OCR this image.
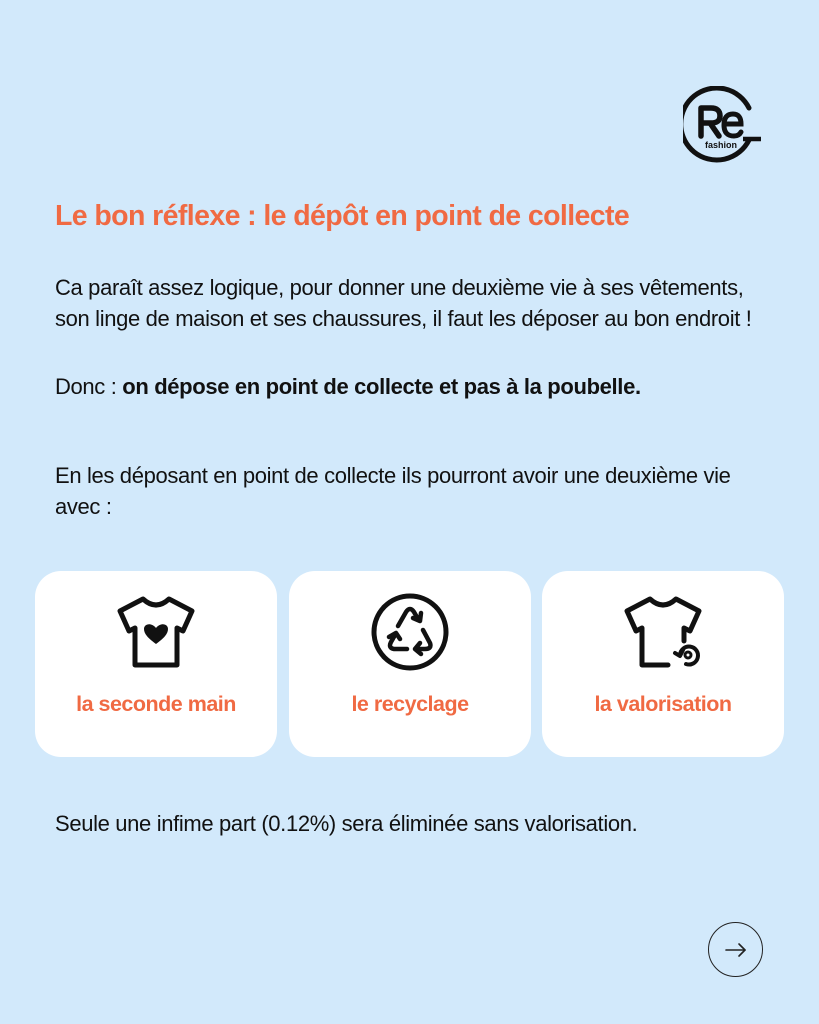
fashion
Le bon réflexe : le dépôt en point de collecte

Ca paraît assez logique, pour donner une deuxième vie à ses vêtements, son linge de maison et ses chaussures, il faut les déposer au bon endroit !

Donc : on dépose en point de collecte et pas à la poubelle.

En les déposant en point de collecte ils pourront avoir une deuxième vie avec :

la seconde main	le recyclage	la valorisation

Seule une infime part (0.12%) sera éliminée sans valorisation.
